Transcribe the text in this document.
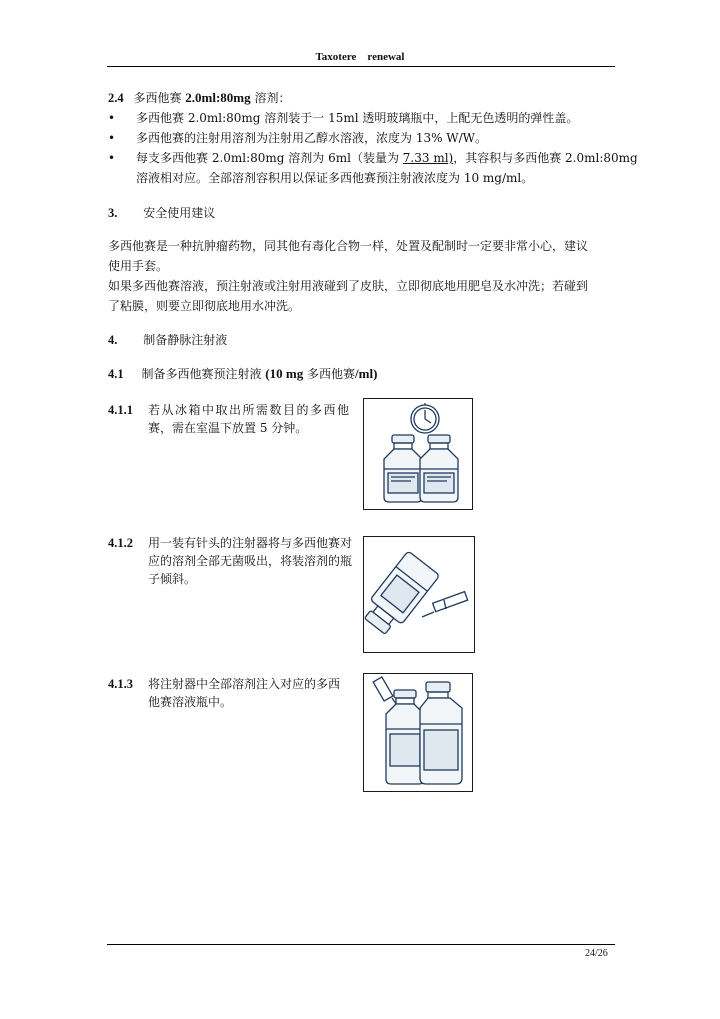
Taxotere    renewal
2.4 多西他赛 2.0ml:80mg 溶剂：
• 多西他赛 2.0ml:80mg 溶剂装于一 15ml 透明玻璃瓶中，上配无色透明的弹性盖。
• 多西他赛的注射用溶剂为注射用乙醇水溶液，浓度为 13% W/W。
• 每支多西他赛 2.0ml:80mg 溶剂为 6ml（装量为 7.33 ml)，其容积与多西他赛 2.0ml:80mg
溶液相对应。全部溶剂容积用以保证多西他赛预注射液浓度为 10 mg/ml。
3. 安全使用建议
多西他赛是一种抗肿瘤药物，同其他有毒化合物一样，处置及配制时一定要非常小心，建议
使用手套。
如果多西他赛溶液，预注射液或注射用液碰到了皮肤，立即彻底地用肥皂及水冲洗；若碰到
了粘膜，则要立即彻底地用水冲洗。
4. 制备静脉注射液
4.1 制备多西他赛预注射液 (10 mg 多西他赛/ml)
4.1.1 若从冰箱中取出所需数目的多西他
赛，需在室温下放置 5 分钟。
4.1.2 用一装有针头的注射器将与多西他赛对
应的溶剂全部无菌吸出，将装溶剂的瓶
子倾斜。
4.1.3 将注射器中全部溶剂注入对应的多西
他赛溶液瓶中。
24/26
